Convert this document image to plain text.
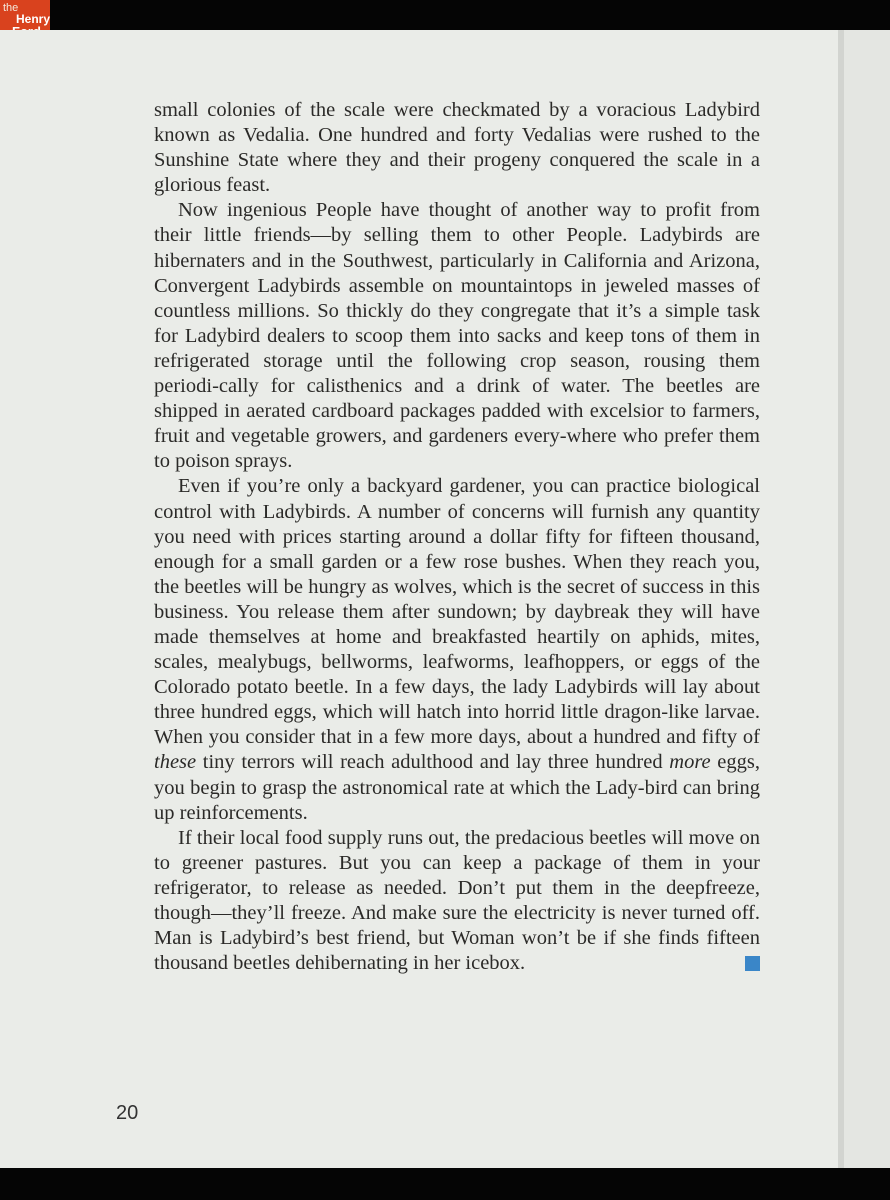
the
Henry

small colonies of the scale were checkmated by a voracious Ladybird known as Vedalia. One hundred and forty Vedalias were rushed to the Sunshine State where they and their progeny conquered the scale in a glorious feast.

Now ingenious People have thought of another way to profit from their little friends—by selling them to other People. Ladybirds are hibernaters and in the Southwest, particularly in California and Arizona, Convergent Ladybirds assemble on mountaintops in jeweled masses of countless millions. So thickly do they congregate that it’s a simple task for Ladybird dealers to scoop them into sacks and keep tons of them in refrigerated storage until the following crop season, rousing them periodi-cally for calisthenics and a drink of water. The beetles are shipped in aerated cardboard packages padded with excelsior to farmers, fruit and vegetable growers, and gardeners every-where who prefer them to poison sprays.

Even if you’re only a backyard gardener, you can practice biological control with Ladybirds. A number of concerns will furnish any quantity you need with prices starting around a dollar fifty for fifteen thousand, enough for a small garden or a few rose bushes. When they reach you, the beetles will be hungry as wolves, which is the secret of success in this business. You release them after sundown; by daybreak they will have made themselves at home and breakfasted heartily on aphids, mites, scales, mealybugs, bellworms, leafworms, leafhoppers, or eggs of the Colorado potato beetle. In a few days, the lady Ladybirds will lay about three hundred eggs, which will hatch into horrid little dragon-like larvae. When you consider that in a few more days, about a hundred and fifty of these tiny terrors will reach adulthood and lay three hundred more eggs, you begin to grasp the astronomical rate at which the Lady-bird can bring up reinforcements.

If their local food supply runs out, the predacious beetles will move on to greener pastures. But you can keep a package of them in your refrigerator, to release as needed. Don’t put them in the deepfreeze, though—they’ll freeze. And make sure the electricity is never turned off. Man is Ladybird’s best friend, but Woman won’t be if she finds fifteen thousand beetles dehibernating in her icebox.

20
